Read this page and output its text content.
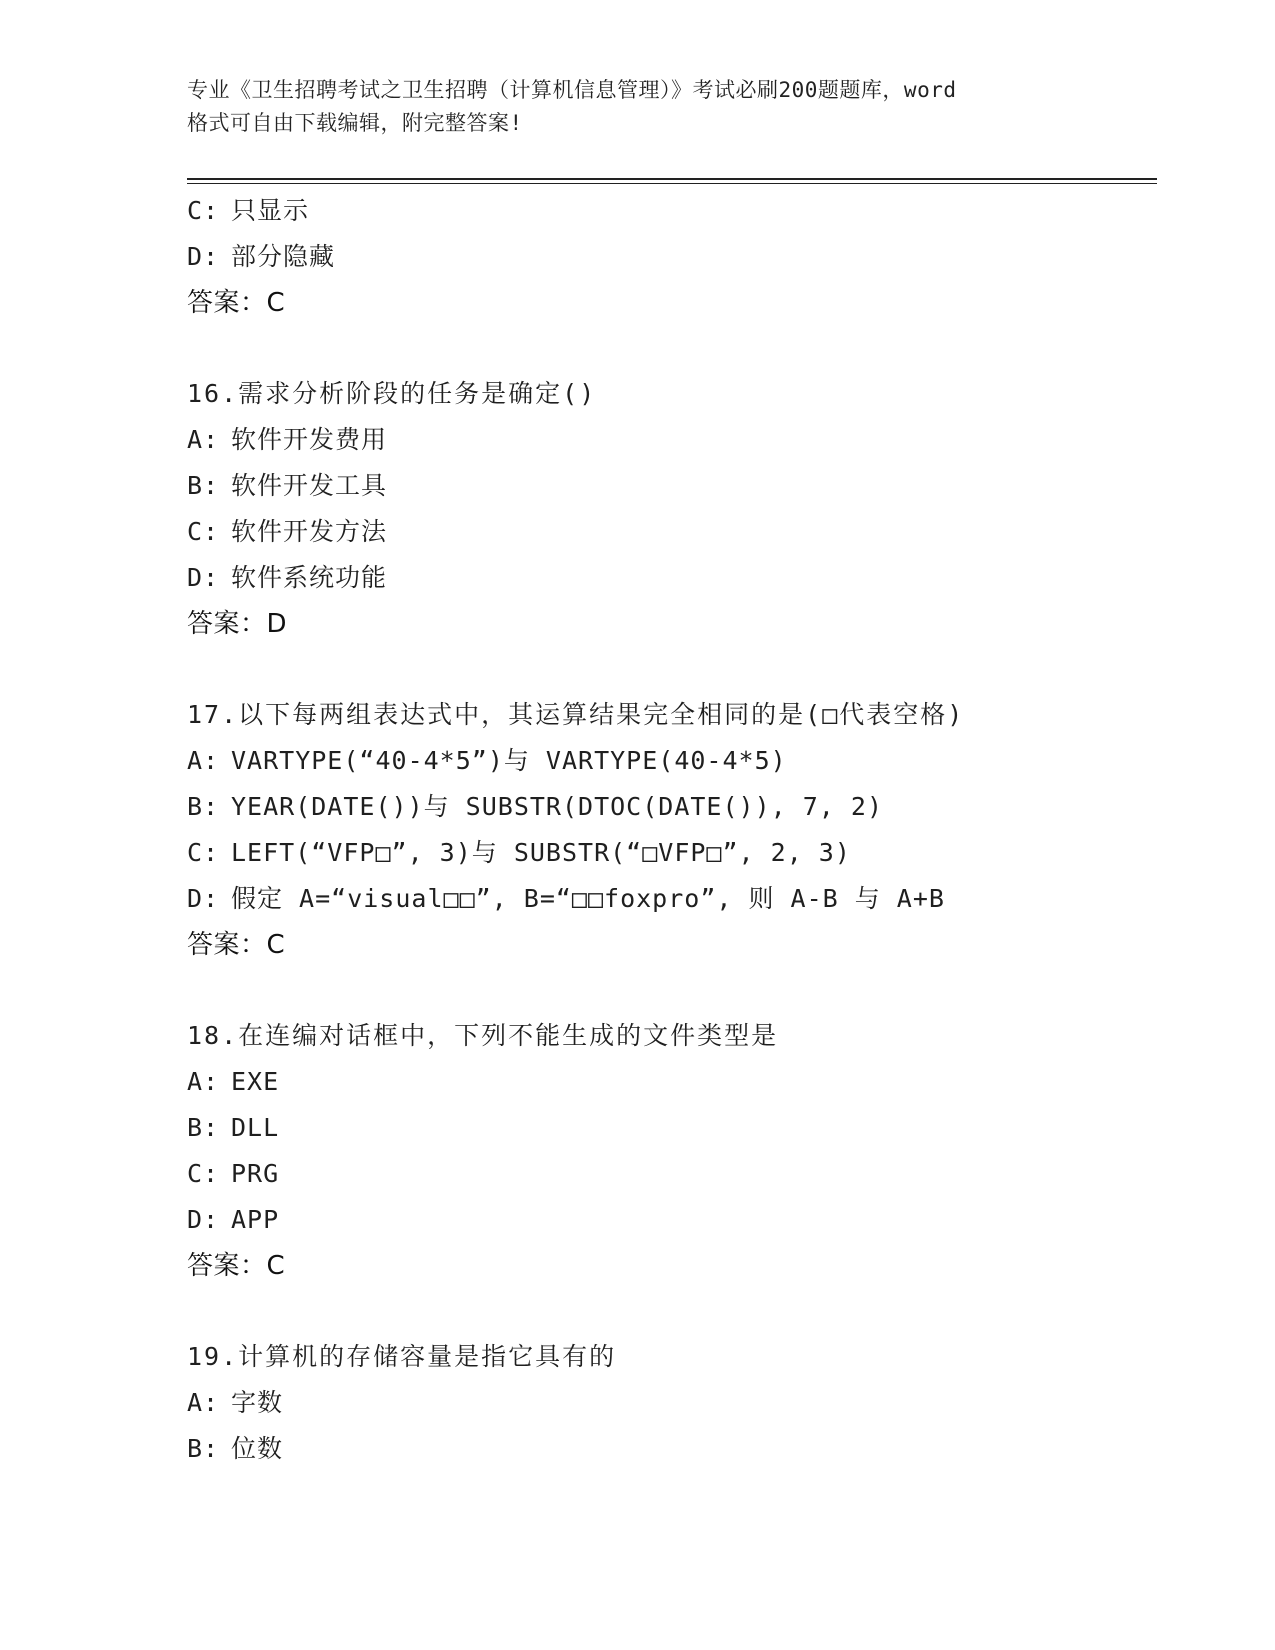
专业《卫生招聘考试之卫生招聘（计算机信息管理）》考试必刷200题题库，word
格式可自由下载编辑，附完整答案!
C: 只显示
D: 部分隐藏
答案：C
16.需求分析阶段的任务是确定()
A: 软件开发费用
B: 软件开发工具
C: 软件开发方法
D: 软件系统功能
答案：D
17.以下每两组表达式中，其运算结果完全相同的是(□代表空格)
A: VARTYPE(“40-4*5”)与 VARTYPE(40-4*5)
B: YEAR(DATE())与 SUBSTR(DTOC(DATE()), 7, 2)
C: LEFT(“VFP□”, 3)与 SUBSTR(“□VFP□”, 2, 3)
D: 假定 A=“visual□□”, B=“□□foxpro”, 则 A-B 与 A+B
答案：C
18.在连编对话框中，下列不能生成的文件类型是
A: EXE
B: DLL
C: PRG
D: APP
答案：C
19.计算机的存储容量是指它具有的
A: 字数
B: 位数
